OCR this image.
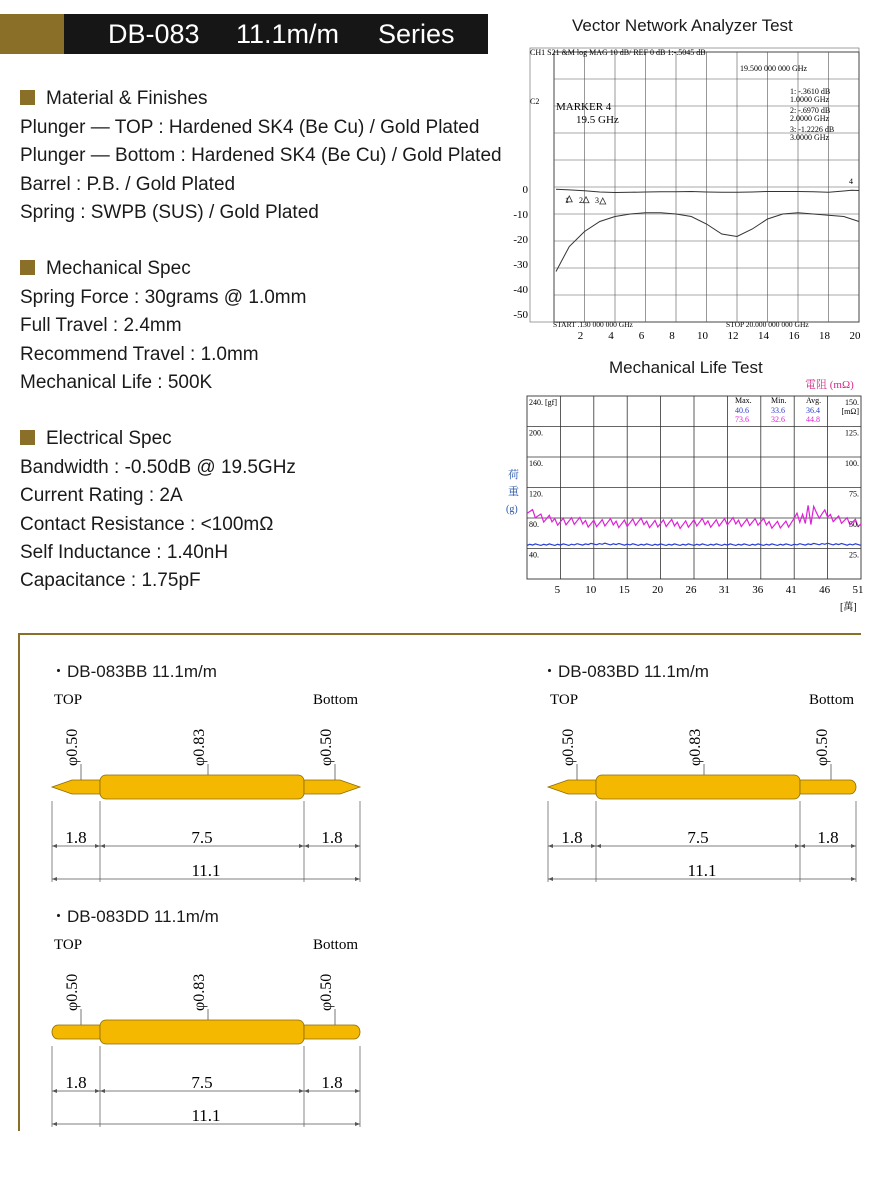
DB-083 11.1m/m Series
Material & Finishes
Plunger — TOP : Hardened SK4 (Be Cu) / Gold Plated
Plunger — Bottom : Hardened SK4 (Be Cu) / Gold Plated
Barrel : P.B. / Gold Plated
Spring : SWPB (SUS) / Gold Plated
Mechanical Spec
Spring Force : 30grams @ 1.0mm
Full Travel : 2.4mm
Recommend Travel : 1.0mm
Mechanical Life : 500K
Electrical Spec
Bandwidth : -0.50dB @ 19.5GHz
Current Rating : 2A
Contact Resistance : <100mΩ
Self Inductance : 1.40nH
Capacitance : 1.75pF
Vector Network Analyzer Test
CH1 S21 &M log MAG 10 dB/ REF 0 dB 1:-.5045 dB
19.500 000 000 GHz
C2 MARKER 4
19.5 GHz
1: -.3610 dB
1.0000 GHz
2: -.6970 dB
2.0000 GHz
3: -1.2226 dB
3.0000 GHz
1 2 3
4
START .130 000 000 GHz	STOP 20.000 000 000 GHz
0
-10
-20
-30
-40
-50
2 4 6 8 10 12 14 16 18 20
Mechanical Life Test
電阻 (mΩ)
荷
重
(g)
240. [gf]
200.
160.
120.
80.
40.
150.
[mΩ]
125.
100.
75.
50.
25.
5 10 15 20 26 31 36 41 46 51
Max. Min. Avg.
40.6	33.6	36.4
73.6	32.6	44.8
[萬]
・DB-083BB 11.1m/m	・DB-083BD 11.1m/m
・DB-083DD 11.1m/m
TOP	Bottom
φ0.50	φ0.83	φ0.50
1.8	7.5	1.8
11.1
TOP	Bottom
φ0.50	φ0.83	φ0.50
1.8	7.5	1.8
11.1
TOP	Bottom
φ0.50	φ0.83	φ0.50
1.8	7.5	1.8
11.1
